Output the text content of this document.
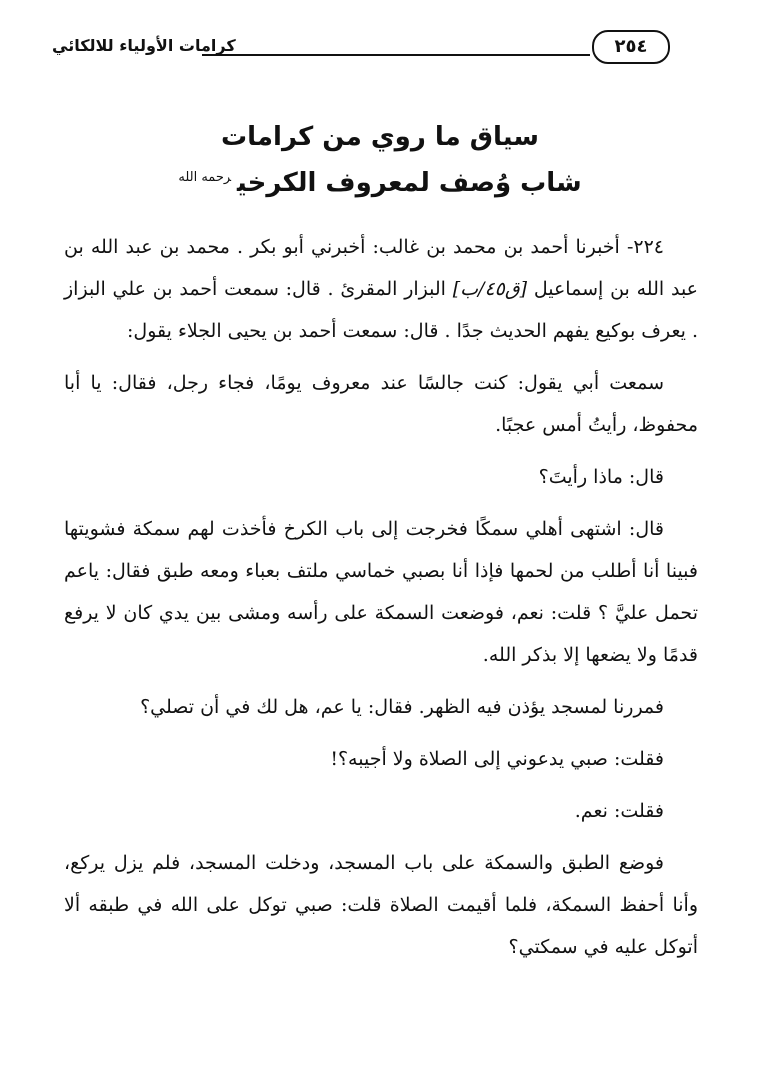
٢٥٤
كرامات الأولياء للالكائي
سياق ما روي من كرامات
شاب وُصف لمعروف الكرخي$^{رحمه الله}$

٢٢٤- أخبرنا أحمد بن محمد بن غالب: أخبرني أبو بكر . محمد بن عبد الله بن عبد الله بن إسماعيل [ق٤٥/ب] البزار المقرئ . قال: سمعت أحمد بن علي البزاز . يعرف بوكيع يفهم الحديث جدًا . قال: سمعت أحمد بن يحيى الجلاء يقول:

سمعت أبي يقول: كنت جالسًا عند معروف يومًا، فجاء رجل، فقال: يا أبا محفوظ، رأيتُ أمس عجبًا.

قال: ماذا رأيتَ؟

قال: اشتهى أهلي سمكًا فخرجت إلى باب الكرخ فأخذت لهم سمكة فشويتها فبينا أنا أطلب من لحمها فإذا أنا بصبي خماسي ملتف بعباء ومعه طبق فقال: ياعم تحمل عليَّ ؟ قلت: نعم، فوضعت السمكة على رأسه ومشى بين يدي كان لا يرفع قدمًا ولا يضعها إلا بذكر الله.

فمررنا لمسجد يؤذن فيه الظهر. فقال: يا عم، هل لك في أن تصلي؟

فقلت: صبي يدعوني إلى الصلاة ولا أجيبه؟!

فقلت: نعم.

فوضع الطبق والسمكة على باب المسجد، ودخلت المسجد، فلم يزل يركع، وأنا أحفظ السمكة، فلما أقيمت الصلاة قلت: صبي توكل على الله في طبقه ألا أتوكل عليه في سمكتي؟
